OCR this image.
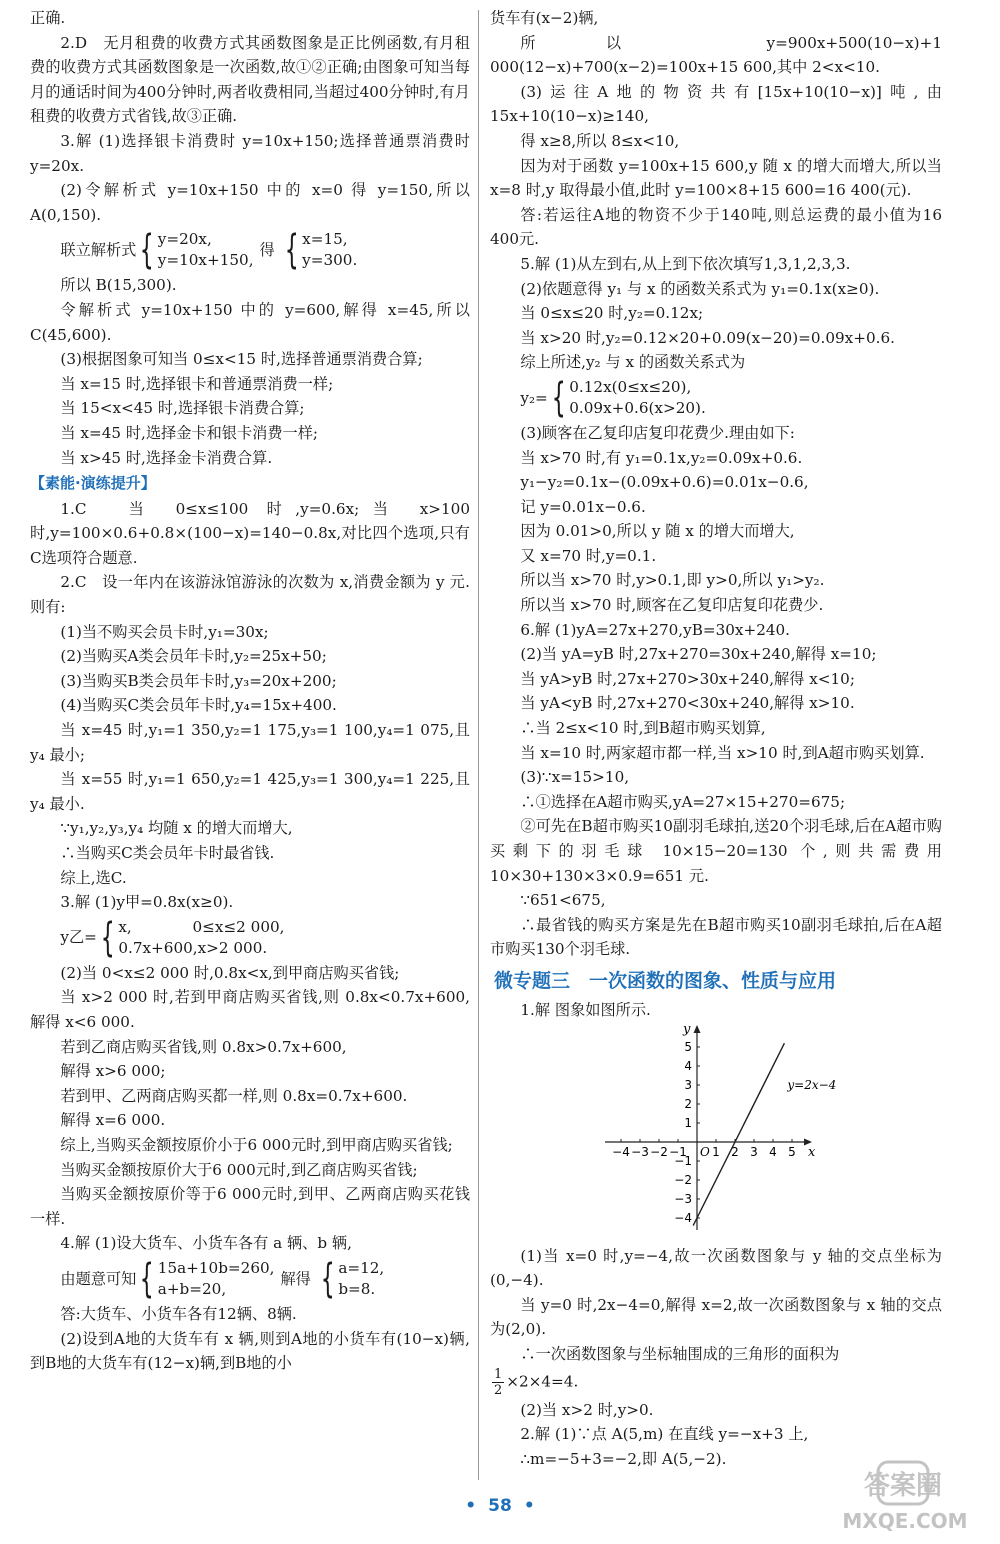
正确.

2.D　无月租费的收费方式其函数图象是正比例函数,有月租费的收费方式其函数图象是一次函数,故①②正确;由图象可知当每月的通话时间为400分钟时,两者收费相同,当超过400分钟时,有月租费的收费方式省钱,故③正确.

3.解 (1)选择银卡消费时 y=10x+150;选择普通票消费时 y=20x.

(2)令解析式 y=10x+150 中的 x=0 得 y=150,所以A(0,150).

联立解析式 { y=20x,
y=10x+150,
得 { x=15,
y=300.

所以 B(15,300).

令解析式 y=10x+150 中的 y=600,解得 x=45,所以C(45,600).

(3)根据图象可知当 0≤x<15 时,选择普通票消费合算;

当 x=15 时,选择银卡和普通票消费一样;

当 15<x<45 时,选择银卡消费合算;

当 x=45 时,选择金卡和银卡消费一样;

当 x>45 时,选择金卡消费合算.

【素能·演练提升】

1.C　当 0≤x≤100 时,y=0.6x;当 x>100 时,y=100×0.6+0.8×(100−x)=140−0.8x,对比四个选项,只有C选项符合题意.

2.C　设一年内在该游泳馆游泳的次数为 x,消费金额为 y 元.则有:

(1)当不购买会员卡时,y₁=30x;

(2)当购买A类会员年卡时,y₂=25x+50;

(3)当购买B类会员年卡时,y₃=20x+200;

(4)当购买C类会员年卡时,y₄=15x+400.

当 x=45 时,y₁=1 350,y₂=1 175,y₃=1 100,y₄=1 075,且 y₄ 最小;

当 x=55 时,y₁=1 650,y₂=1 425,y₃=1 300,y₄=1 225,且 y₄ 最小.

∵y₁,y₂,y₃,y₄ 均随 x 的增大而增大,

∴当购买C类会员年卡时最省钱.

综上,选C.

3.解 (1)y甲=0.8x(x≥0).

y乙= { x,　　　　0≤x≤2 000,
0.7x+600,x>2 000.

(2)当 0<x≤2 000 时,0.8x<x,到甲商店购买省钱;

当 x>2 000 时,若到甲商店购买省钱,则 0.8x<0.7x+600,解得 x<6 000.

若到乙商店购买省钱,则 0.8x>0.7x+600,

解得 x>6 000;

若到甲、乙两商店购买都一样,则 0.8x=0.7x+600.

解得 x=6 000.

综上,当购买金额按原价小于6 000元时,到甲商店购买省钱;

当购买金额按原价大于6 000元时,到乙商店购买省钱;

当购买金额按原价等于6 000元时,到甲、乙两商店购买花钱一样.

4.解 (1)设大货车、小货车各有 a 辆、b 辆,

由题意可知 { 15a+10b=260,
a+b=20,
解得 { a=12,
b=8.

答:大货车、小货车各有12辆、8辆.

(2)设到A地的大货车有 x 辆,则到A地的小货车有(10−x)辆,到B地的大货车有(12−x)辆,到B地的小

货车有(x−2)辆,

所以 y=900x+500(10−x)+1 000(12−x)+700(x−2)=100x+15 600,其中 2<x<10.

(3)运往A地的物资共有[15x+10(10−x)]吨,由15x+10(10−x)≥140,

得 x≥8,所以 8≤x<10,

因为对于函数 y=100x+15 600,y 随 x 的增大而增大,所以当 x=8 时,y 取得最小值,此时 y=100×8+15 600=16 400(元).

答:若运往A地的物资不少于140吨,则总运费的最小值为16 400元.

5.解 (1)从左到右,从上到下依次填写1,3,1,2,3,3.

(2)依题意得 y₁ 与 x 的函数关系式为 y₁=0.1x(x≥0).

当 0≤x≤20 时,y₂=0.12x;

当 x>20 时,y₂=0.12×20+0.09(x−20)=0.09x+0.6.

综上所述,y₂ 与 x 的函数关系式为

y₂= { 0.12x(0≤x≤20),
0.09x+0.6(x>20).

(3)顾客在乙复印店复印花费少.理由如下:

当 x>70 时,有 y₁=0.1x,y₂=0.09x+0.6.

y₁−y₂=0.1x−(0.09x+0.6)=0.01x−0.6,

记 y=0.01x−0.6.

因为 0.01>0,所以 y 随 x 的增大而增大,

又 x=70 时,y=0.1.

所以当 x>70 时,y>0.1,即 y>0,所以 y₁>y₂.

所以当 x>70 时,顾客在乙复印店复印花费少.

6.解 (1)yA=27x+270,yB=30x+240.

(2)当 yA=yB 时,27x+270=30x+240,解得 x=10;

当 yA>yB 时,27x+270>30x+240,解得 x<10;

当 yA<yB 时,27x+270<30x+240,解得 x>10.

∴当 2≤x<10 时,到B超市购买划算,

当 x=10 时,两家超市都一样,当 x>10 时,到A超市购买划算.

(3)∵x=15>10,

∴①选择在A超市购买,yA=27×15+270=675;

②可先在B超市购买10副羽毛球拍,送20个羽毛球,后在A超市购买剩下的羽毛球 10×15−20=130 个,则共需费用 10×30+130×3×0.9=651 元.

∵651<675,

∴最省钱的购买方案是先在B超市购买10副羽毛球拍,后在A超市购买130个羽毛球.

微专题三　一次函数的图象、性质与应用

1.解 图象如图所示.

−4 −3 −2 −1 1 2 3 4 5
5
4
3
2
1
−1
−2
−3
−4
O	x
y
y=2x−4

(1)当 x=0 时,y=−4,故一次函数图象与 y 轴的交点坐标为(0,−4).

当 y=0 时,2x−4=0,解得 x=2,故一次函数图象与 x 轴的交点为(2,0).

∴一次函数图象与坐标轴围成的三角形的面积为

$\frac{1}{2} \times 2\times 4=4$.

(2)当 x>2 时,y>0.

2.解 (1)∵点 A(5,m) 在直线 y=−x+3 上,

∴m=−5+3=−2,即 A(5,−2).

• 58 •
答案圈
MXQE.COM
